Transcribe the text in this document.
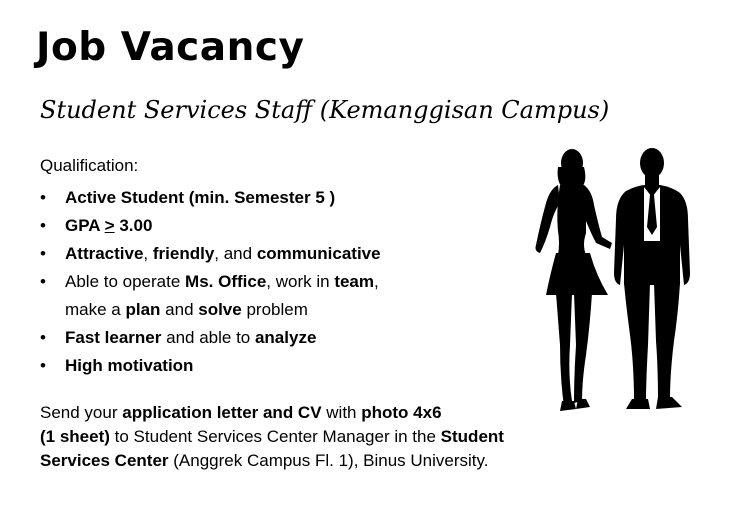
Job Vacancy
Student Services Staff (Kemanggisan Campus)
Qualification:
• Active Student (min. Semester 5 )
• GPA > 3.00
• Attractive, friendly, and communicative
• Able to operate Ms. Office, work in team,
make a plan and solve problem
• Fast learner and able to analyze
• High motivation
Send your application letter and CV with photo 4x6
(1 sheet) to Student Services Center Manager in the Student
Services Center (Anggrek Campus Fl. 1), Binus University.
